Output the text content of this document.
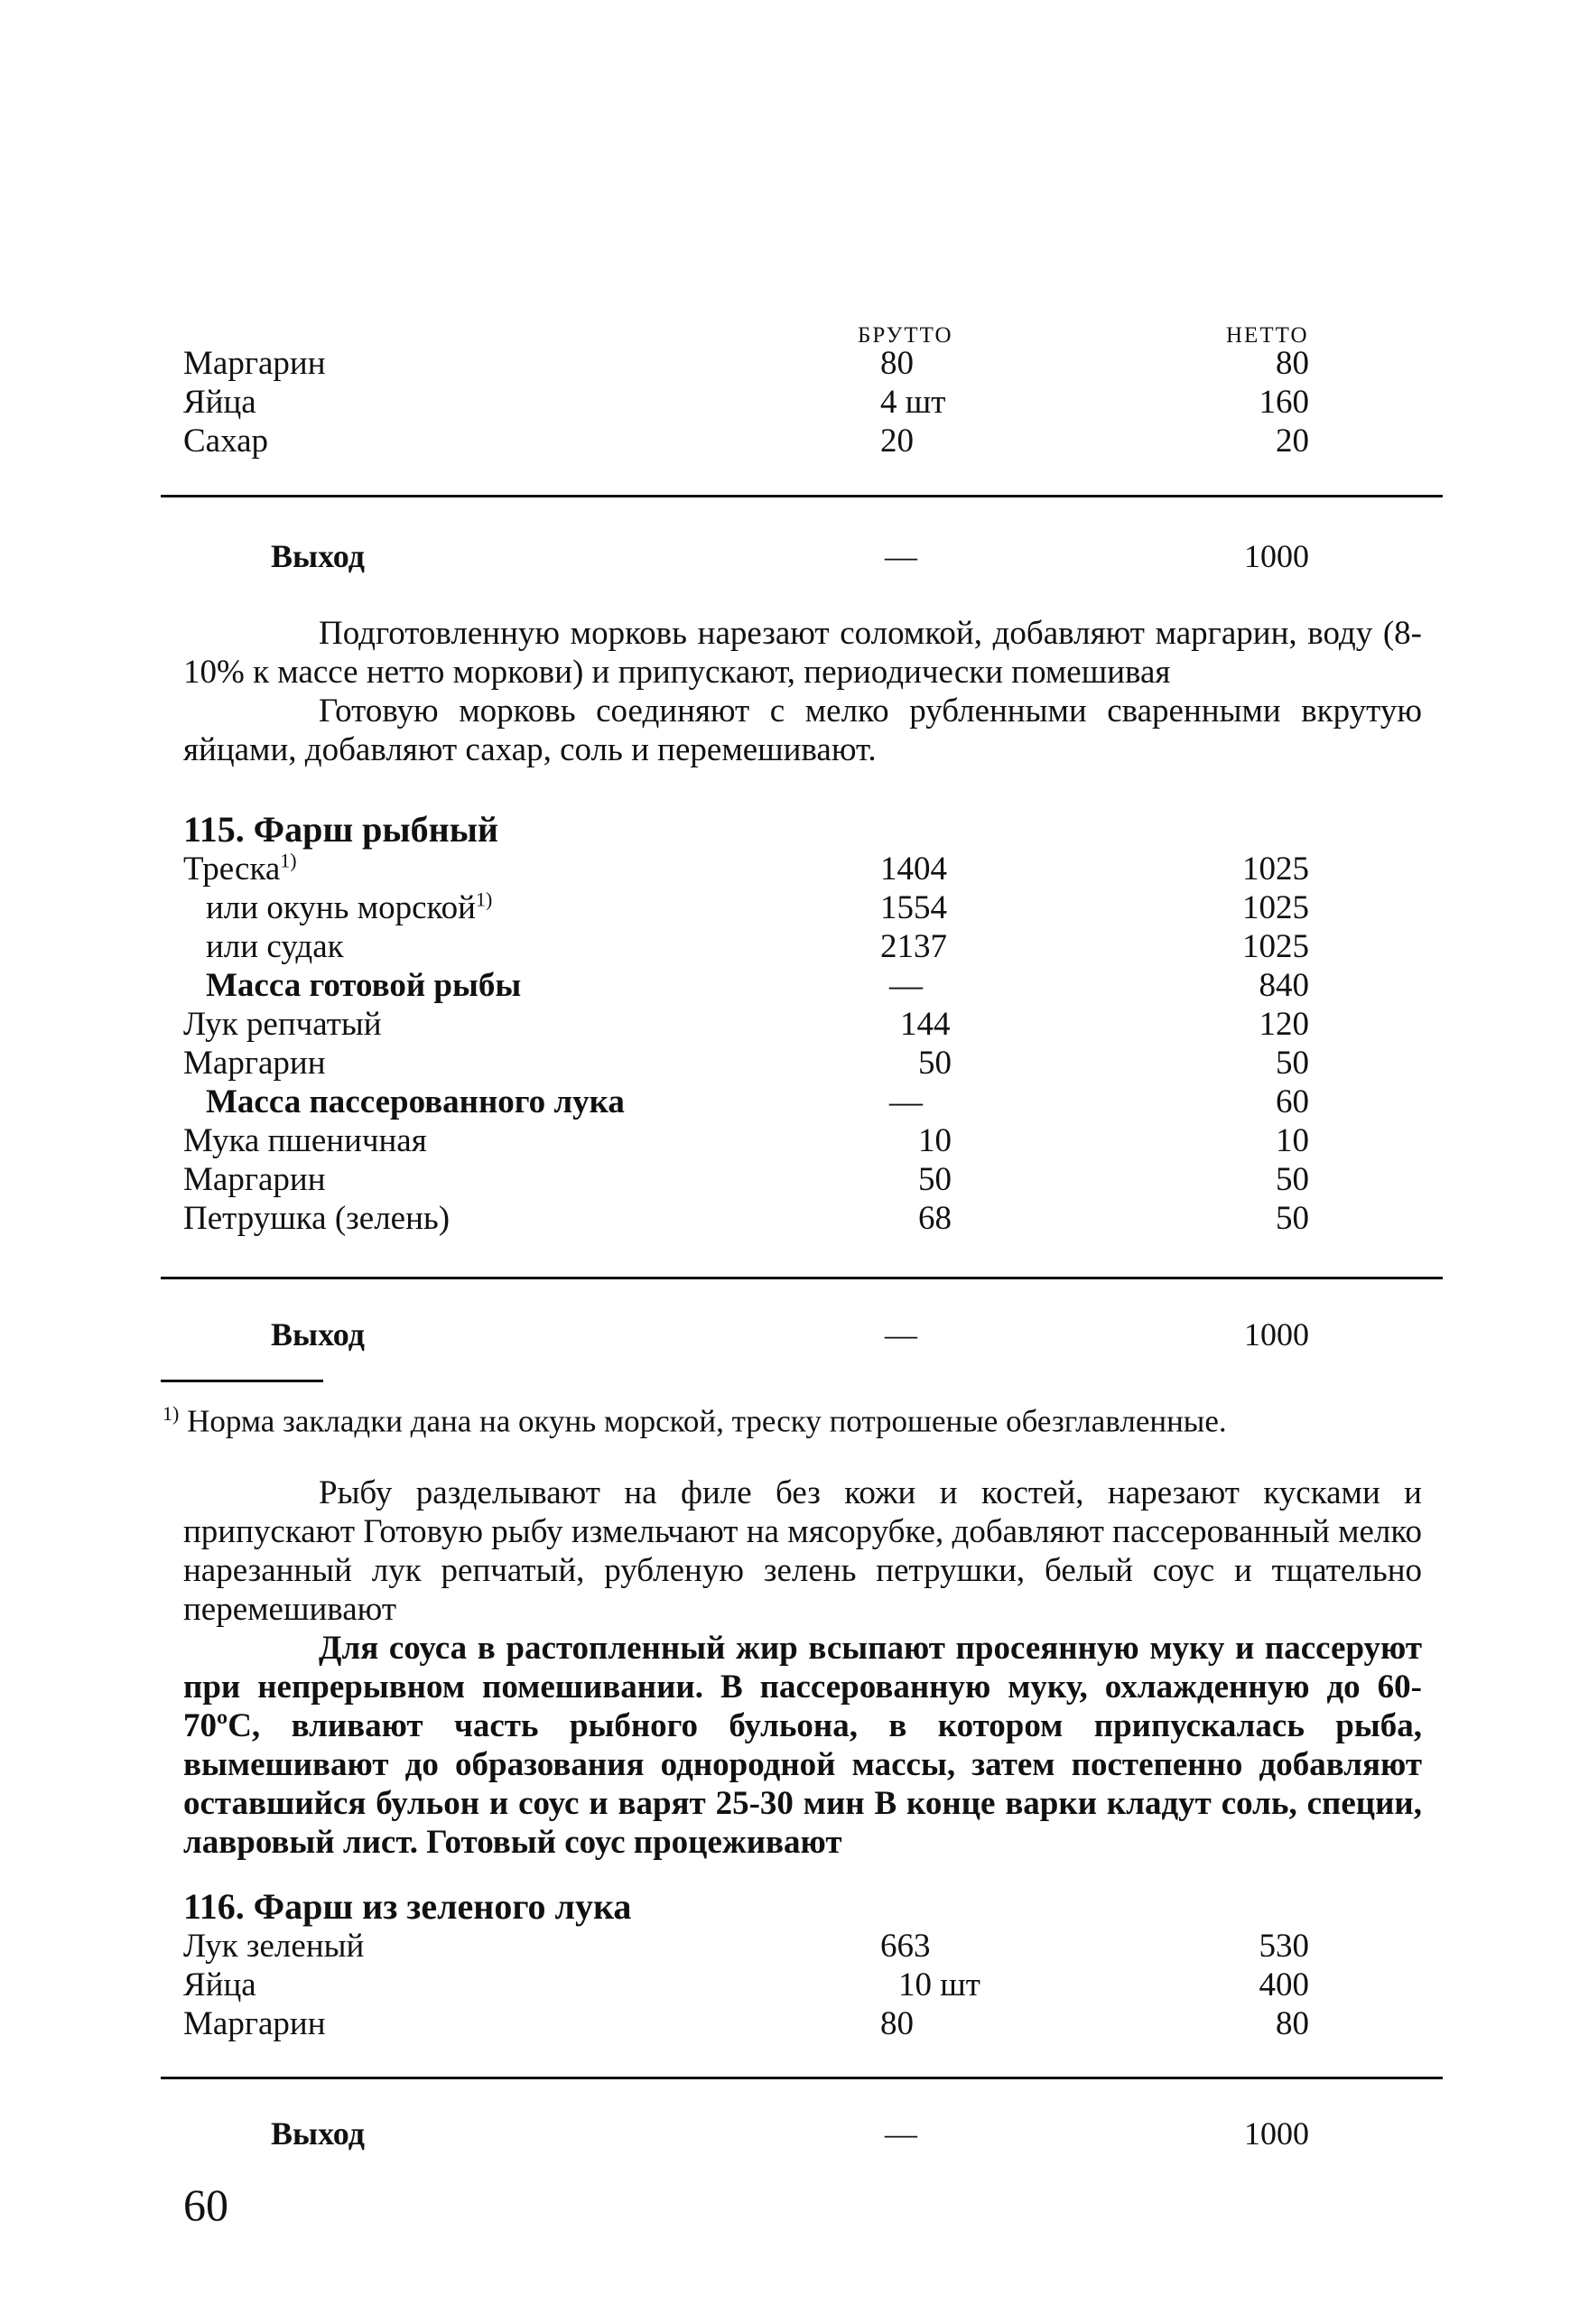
БРУТТО	НЕТТО
Маргарин	80	80
Яйца	4 шт	160
Сахар	20	20
Выход	—	1000

Подготовленную морковь нарезают соломкой, добавляют маргарин, воду (8-10% к массе нетто моркови) и припускают, периодически помешивая

Готовую морковь соединяют с мелко рубленными сваренными вкрутую яйцами, добавляют сахар, соль и перемешивают.

115. Фарш рыбный
Треска$^{1)}$	1404	1025
или окунь морской$^{1)}$	1554	1025
или судак	2137	1025
Масса готовой рыбы	—	840
Лук репчатый	144	120
Маргарин	50	50
Масса пассерованного лука	—	60
Мука пшеничная	10	10
Маргарин	50	50
Петрушка (зелень)	68	50
Выход	—	1000
$^{1)}$ Норма закладки дана на окунь морской, треску потрошеные обезглавленные.

Рыбу разделывают на филе без кожи и костей, нарезают кусками и припускают Готовую рыбу измельчают на мясорубке, добавляют пассерованный мелко нарезанный лук репчатый, рубленую зелень петрушки, белый соус и тщательно перемешивают

Для соуса в растопленный жир всыпают просеянную муку и пассеруют при непрерывном помешивании. В пассерованную муку, охлажденную до 60-70ºС, вливают часть рыбного бульона, в котором припускалась рыба, вымешивают до образования однородной массы, затем постепенно добавляют оставшийся бульон и соус и варят 25-30 мин В конце варки кладут соль, специи, лавровый лист. Готовый соус процеживают

116. Фарш из зеленого лука
Лук зеленый	663	530
Яйца	10 шт	400
Маргарин	80	80
Выход	—	1000
60
